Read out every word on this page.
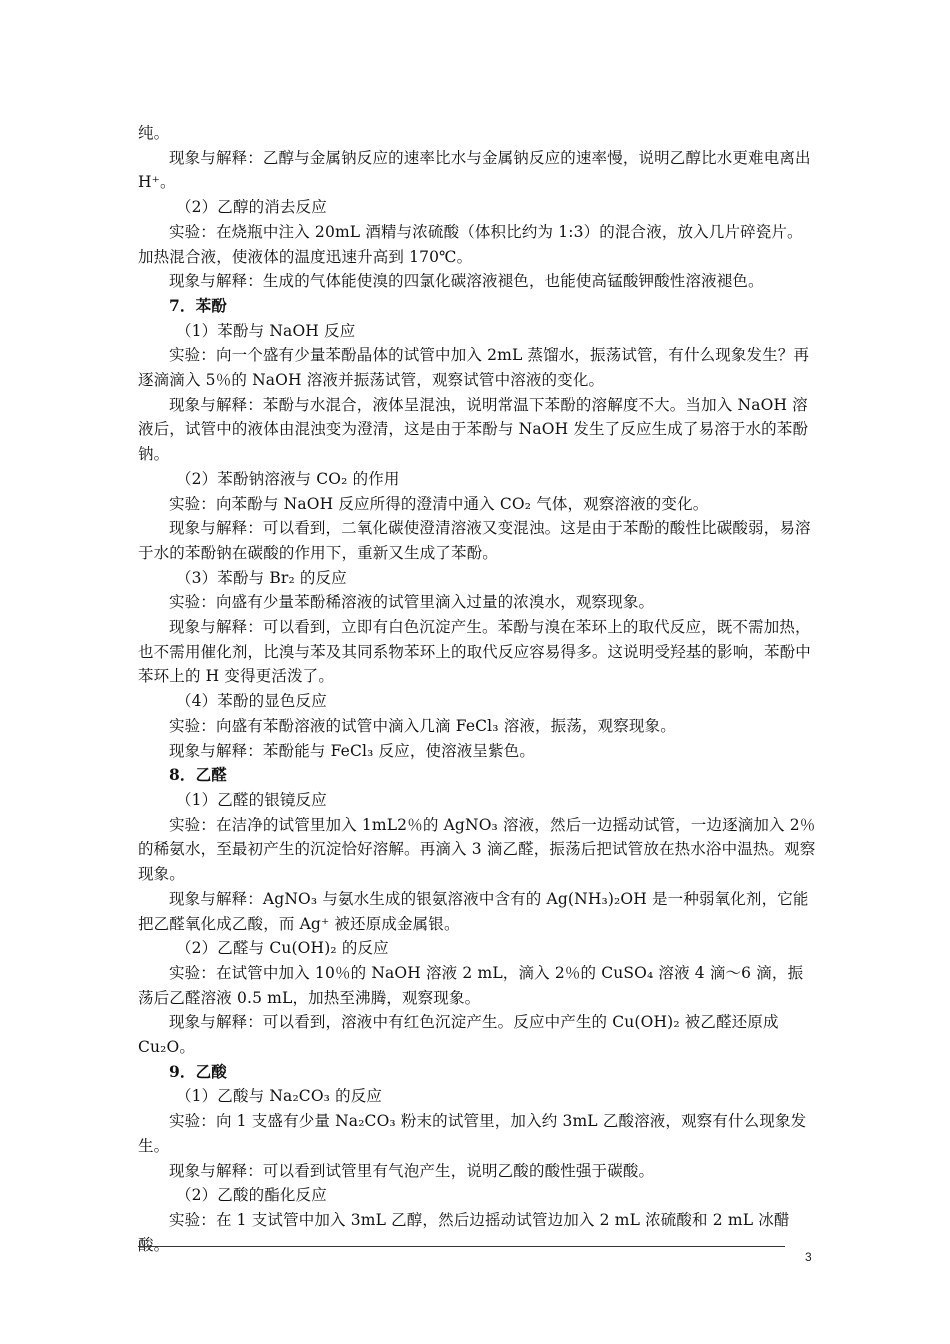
纯。

现象与解释：乙醇与金属钠反应的速率比水与金属钠反应的速率慢，说明乙醇比水更难电离出 H⁺。

（2）乙醇的消去反应

实验：在烧瓶中注入 20mL 酒精与浓硫酸（体积比约为 1:3）的混合液，放入几片碎瓷片。加热混合液，使液体的温度迅速升高到 170℃。

现象与解释：生成的气体能使溴的四氯化碳溶液褪色，也能使高锰酸钾酸性溶液褪色。

7．苯酚

（1）苯酚与 NaOH 反应

实验：向一个盛有少量苯酚晶体的试管中加入 2mL 蒸馏水，振荡试管，有什么现象发生？再逐滴滴入 5％的 NaOH 溶液并振荡试管，观察试管中溶液的变化。

现象与解释：苯酚与水混合，液体呈混浊，说明常温下苯酚的溶解度不大。当加入 NaOH 溶液后，试管中的液体由混浊变为澄清，这是由于苯酚与 NaOH 发生了反应生成了易溶于水的苯酚钠。

（2）苯酚钠溶液与 CO₂ 的作用

实验：向苯酚与 NaOH 反应所得的澄清中通入 CO₂ 气体，观察溶液的变化。

现象与解释：可以看到，二氧化碳使澄清溶液又变混浊。这是由于苯酚的酸性比碳酸弱，易溶于水的苯酚钠在碳酸的作用下，重新又生成了苯酚。

（3）苯酚与 Br₂ 的反应

实验：向盛有少量苯酚稀溶液的试管里滴入过量的浓溴水，观察现象。

现象与解释：可以看到，立即有白色沉淀产生。苯酚与溴在苯环上的取代反应，既不需加热，也不需用催化剂，比溴与苯及其同系物苯环上的取代反应容易得多。这说明受羟基的影响，苯酚中苯环上的 H 变得更活泼了。

（4）苯酚的显色反应

实验：向盛有苯酚溶液的试管中滴入几滴 FeCl₃ 溶液，振荡，观察现象。

现象与解释：苯酚能与 FeCl₃ 反应，使溶液呈紫色。

8．乙醛

（1）乙醛的银镜反应

实验：在洁净的试管里加入 1mL2％的 AgNO₃ 溶液，然后一边摇动试管，一边逐滴加入 2％的稀氨水，至最初产生的沉淀恰好溶解。再滴入 3 滴乙醛，振荡后把试管放在热水浴中温热。观察现象。

现象与解释：AgNO₃ 与氨水生成的银氨溶液中含有的 Ag(NH₃)₂OH 是一种弱氧化剂，它能把乙醛氧化成乙酸，而 Ag⁺ 被还原成金属银。

（2）乙醛与 Cu(OH)₂ 的反应

实验：在试管中加入 10％的 NaOH 溶液 2 mL，滴入 2％的 CuSO₄ 溶液 4 滴～6 滴，振荡后乙醛溶液 0.5 mL，加热至沸腾，观察现象。

现象与解释：可以看到，溶液中有红色沉淀产生。反应中产生的 Cu(OH)₂ 被乙醛还原成 Cu₂O。

9．乙酸

（1）乙酸与 Na₂CO₃ 的反应

实验：向 1 支盛有少量 Na₂CO₃ 粉末的试管里，加入约 3mL 乙酸溶液，观察有什么现象发生。

现象与解释：可以看到试管里有气泡产生，说明乙酸的酸性强于碳酸。

（2）乙酸的酯化反应

实验：在 1 支试管中加入 3mL 乙醇，然后边摇动试管边加入 2 mL 浓硫酸和 2 mL 冰醋酸。

3
